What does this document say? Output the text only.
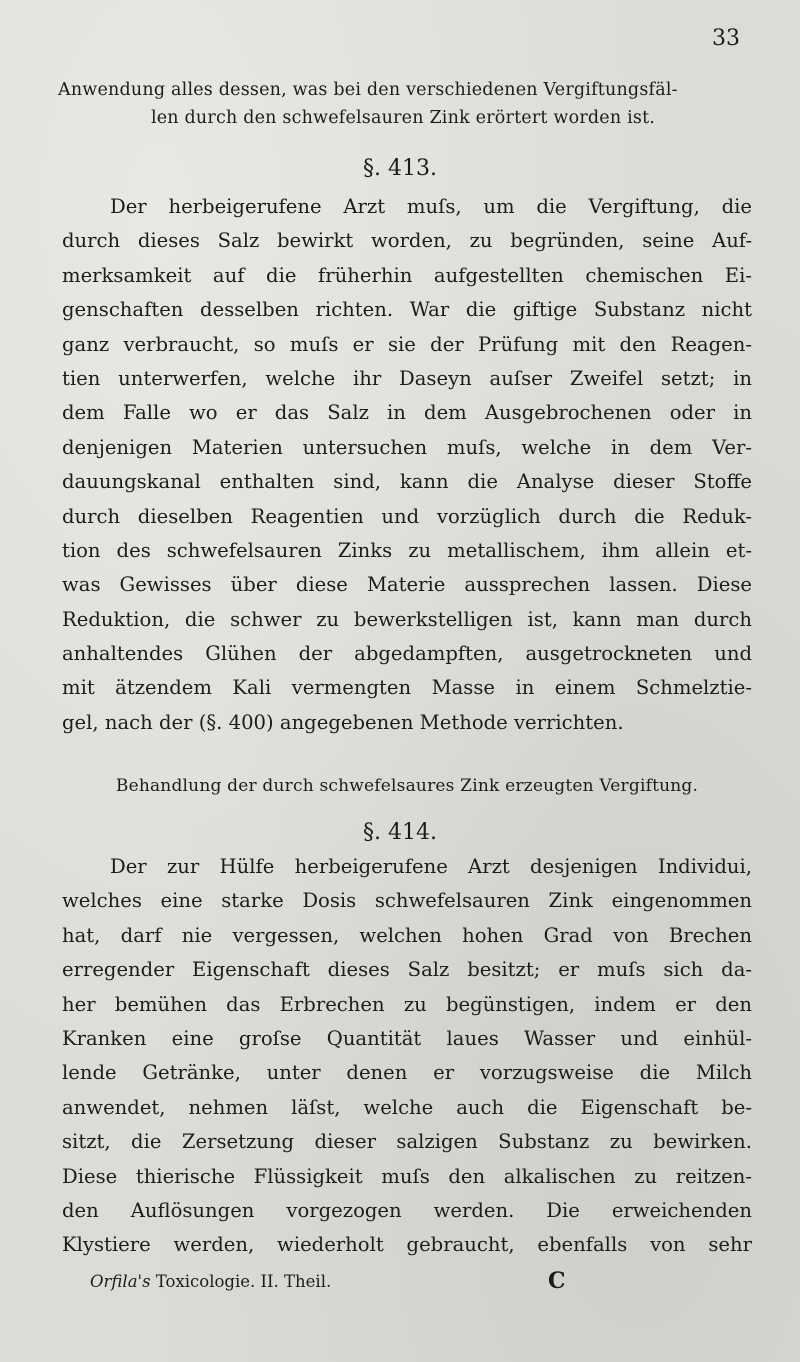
33
Anwendung alles dessen, was bei den verschiedenen Vergiftungsfäl-
len durch den schwefelsauren Zink erörtert worden ist.
§. 413.
Der herbeigerufene Arzt muſs, um die Vergiftung, die
durch dieses Salz bewirkt worden, zu begründen, seine Auf-
merksamkeit auf die früherhin aufgestellten chemischen Ei-
genschaften desselben richten. War die giftige Substanz nicht
ganz verbraucht, so muſs er sie der Prüfung mit den Reagen-
tien unterwerfen, welche ihr Daseyn auſser Zweifel setzt; in
dem Falle wo er das Salz in dem Ausgebrochenen oder in
denjenigen Materien untersuchen muſs, welche in dem Ver-
dauungskanal enthalten sind, kann die Analyse dieser Stoffe
durch dieselben Reagentien und vorzüglich durch die Reduk-
tion des schwefelsauren Zinks zu metallischem, ihm allein et-
was Gewisses über diese Materie aussprechen lassen. Diese
Reduktion, die schwer zu bewerkstelligen ist, kann man durch
anhaltendes Glühen der abgedampften, ausgetrockneten und
mit ätzendem Kali vermengten Masse in einem Schmelztie-
gel, nach der (§. 400) angegebenen Methode verrichten.
Behandlung der durch schwefelsaures Zink erzeugten Vergiftung.
§. 414.
Der zur Hülfe herbeigerufene Arzt desjenigen Individui,
welches eine starke Dosis schwefelsauren Zink eingenommen
hat, darf nie vergessen, welchen hohen Grad von Brechen
erregender Eigenschaft dieses Salz besitzt; er muſs sich da-
her bemühen das Erbrechen zu begünstigen, indem er den
Kranken eine groſse Quantität laues Wasser und einhül-
lende Getränke, unter denen er vorzugsweise die Milch
anwendet, nehmen läſst, welche auch die Eigenschaft be-
sitzt, die Zersetzung dieser salzigen Substanz zu bewirken.
Diese thierische Flüssigkeit muſs den alkalischen zu reitzen-
den Auflösungen vorgezogen werden. Die erweichenden
Klystiere werden, wiederholt gebraucht, ebenfalls von sehr
Orfila's Toxicologie. II. Theil.	C
